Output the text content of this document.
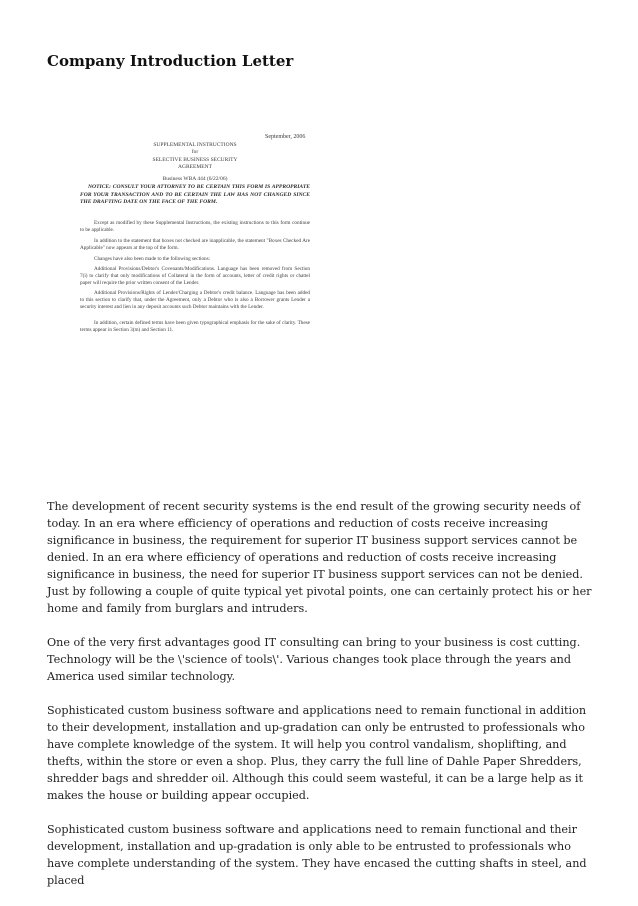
Company Introduction Letter
September, 2006
SUPPLEMENTAL INSTRUCTIONS
for
SELECTIVE BUSINESS SECURITY AGREEMENT
Business WBA 444 (6/22/06)
NOTICE: CONSULT YOUR ATTORNEY TO BE CERTAIN THIS FORM IS APPROPRIATE FOR YOUR TRANSACTION AND TO BE CERTAIN THE LAW HAS NOT CHANGED SINCE THE DRAFTING DATE ON THE FACE OF THE FORM.
Except as modified by these Supplemental Instructions, the existing instructions to this form continue to be applicable.
In addition to the statement that boxes not checked are inapplicable, the statement "Boxes Checked Are Applicable" now appears at the top of the form.
Changes have also been made to the following sections:
Additional Provisions/Debtor's Covenants/Modifications. Language has been removed from Section 7(i) to clarify that only modifications of Collateral in the form of accounts, letter of credit rights or chattel paper will require the prior written consent of the Lender.
Additional Provisions/Rights of Lender/Charging a Debtor's credit balance. Language has been added to this section to clarify that, under the Agreement, only a Debtor who is also a Borrower grants Lender a security interest and lien in any deposit accounts such Debtor maintains with the Lender.
In addition, certain defined terms have been given typographical emphasis for the sake of clarity. These terms appear in Section 3(m) and Section 11.

The development of recent security systems is the end result of the growing security needs of today. In an era where efficiency of operations and reduction of costs receive increasing significance in business, the requirement for superior IT business support services cannot be denied. In an era where efficiency of operations and reduction of costs receive increasing significance in business, the need for superior IT business support services can not be denied. Just by following a couple of quite typical yet pivotal points, one can certainly protect his or her home and family from burglars and intruders.

One of the very first advantages good IT consulting can bring to your business is cost cutting. Technology will be the \'science of tools\'. Various changes took place through the years and America used similar technology.

Sophisticated custom business software and applications need to remain functional in addition to their development, installation and up-gradation can only be entrusted to professionals who have complete knowledge of the system. It will help you control vandalism, shoplifting, and thefts, within the store or even a shop. Plus, they carry the full line of Dahle Paper Shredders, shredder bags and shredder oil. Although this could seem wasteful, it can be a large help as it makes the house or building appear occupied.

Sophisticated custom business software and applications need to remain functional and their development, installation and up-gradation is only able to be entrusted to professionals who have complete understanding of the system. They have encased the cutting shafts in steel, and placed
